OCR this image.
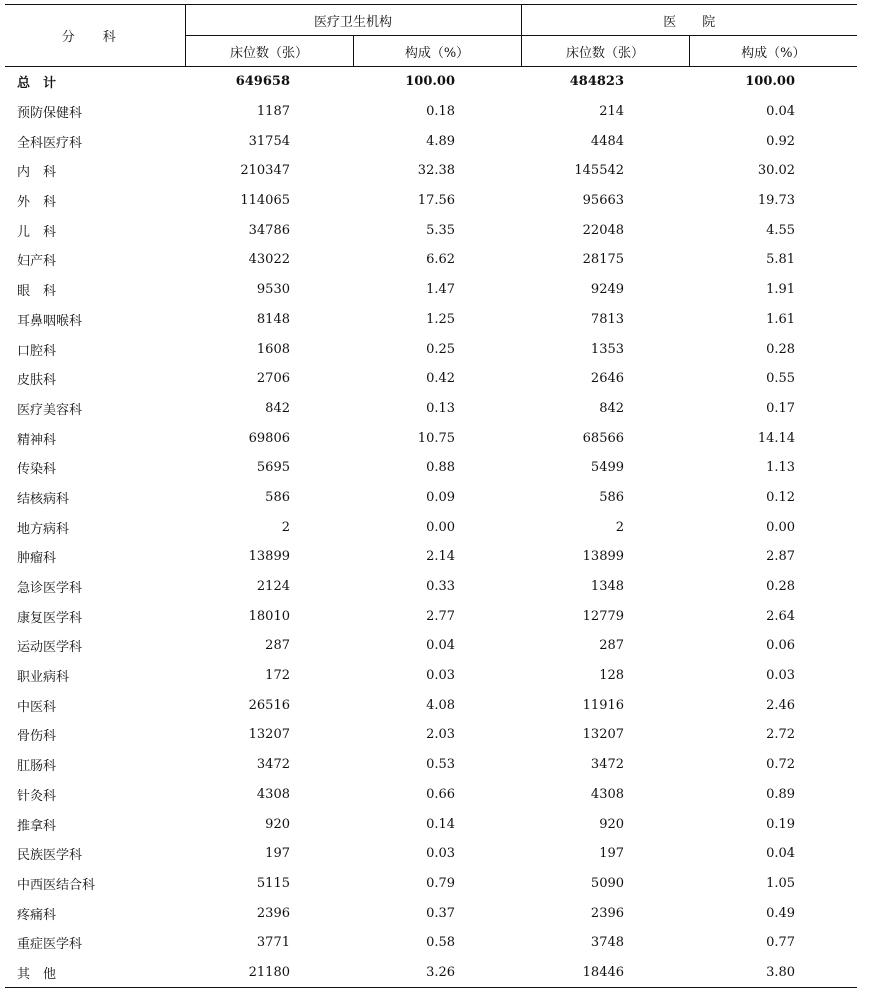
分 科	医疗卫生机构		医　　院	
	床位数（张）	构成（%）	床位数（张）	构成（%）
总　计	649658	100.00	484823	100.00
预防保健科	1187	0.18	214	0.04
全科医疗科	31754	4.89	4484	0.92
内　科	210347	32.38	145542	30.02
外　科	114065	17.56	95663	19.73
儿　科	34786	5.35	22048	4.55
妇产科	43022	6.62	28175	5.81
眼　科	9530	1.47	9249	1.91
耳鼻咽喉科	8148	1.25	7813	1.61
口腔科	1608	0.25	1353	0.28
皮肤科	2706	0.42	2646	0.55
医疗美容科	842	0.13	842	0.17
精神科	69806	10.75	68566	14.14
传染科	5695	0.88	5499	1.13
结核病科	586	0.09	586	0.12
地方病科	2	0.00	2	0.00
肿瘤科	13899	2.14	13899	2.87
急诊医学科	2124	0.33	1348	0.28
康复医学科	18010	2.77	12779	2.64
运动医学科	287	0.04	287	0.06
职业病科	172	0.03	128	0.03
中医科	26516	4.08	11916	2.46
骨伤科	13207	2.03	13207	2.72
肛肠科	3472	0.53	3472	0.72
针灸科	4308	0.66	4308	0.89
推拿科	920	0.14	920	0.19
民族医学科	197	0.03	197	0.04
中西医结合科	5115	0.79	5090	1.05
疼痛科	2396	0.37	2396	0.49
重症医学科	3771	0.58	3748	0.77
其　他	21180	3.26	18446	3.80
